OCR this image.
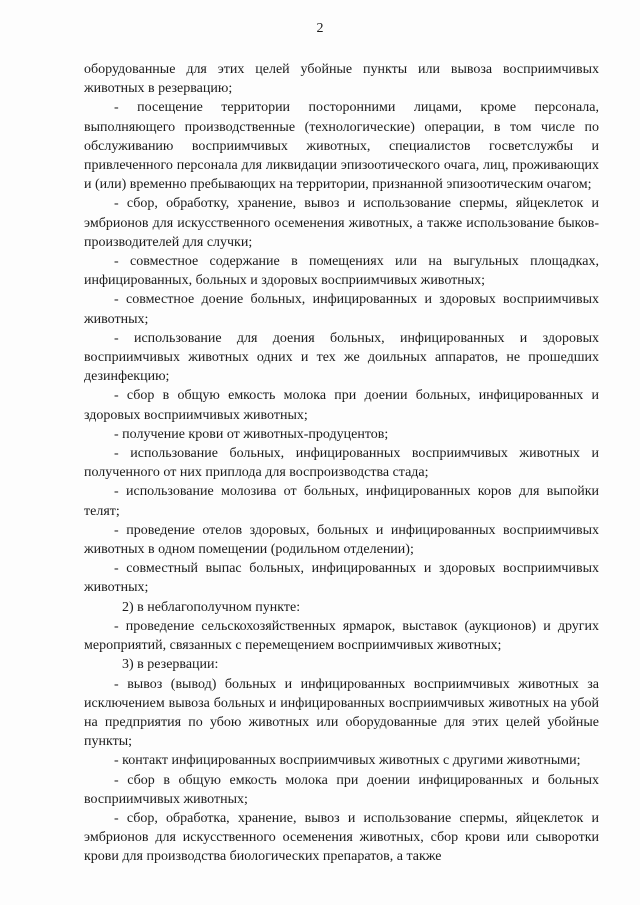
2

оборудованные для этих целей убойные пункты или вывоза восприимчивых животных в резервацию;

- посещение территории посторонними лицами, кроме персонала, выполняющего производственные (технологические) операции, в том числе по обслуживанию восприимчивых животных, специалистов госветслужбы и привлеченного персонала для ликвидации эпизоотического очага, лиц, проживающих и (или) временно пребывающих на территории, признанной эпизоотическим очагом;

- сбор, обработку, хранение, вывоз и использование спермы, яйцеклеток и эмбрионов для искусственного осеменения животных, а также использование быков-производителей для случки;

- совместное содержание в помещениях или на выгульных площадках, инфицированных, больных и здоровых восприимчивых животных;

- совместное доение больных, инфицированных и здоровых восприимчивых животных;

- использование для доения больных, инфицированных и здоровых восприимчивых животных одних и тех же доильных аппаратов, не прошедших дезинфекцию;

- сбор в общую емкость молока при доении больных, инфицированных и здоровых восприимчивых животных;

- получение крови от животных-продуцентов;

- использование больных, инфицированных восприимчивых животных и полученного от них приплода для воспроизводства стада;

- использование молозива от больных, инфицированных коров для выпойки телят;

- проведение отелов здоровых, больных и инфицированных восприимчивых животных в одном помещении (родильном отделении);

- совместный выпас больных, инфицированных и здоровых восприимчивых животных;

2) в неблагополучном пункте:

- проведение сельскохозяйственных ярмарок, выставок (аукционов) и других мероприятий, связанных с перемещением восприимчивых животных;

3) в резервации:

- вывоз (вывод) больных и инфицированных восприимчивых животных за исключением вывоза больных и инфицированных восприимчивых животных на убой на предприятия по убою животных или оборудованные для этих целей убойные пункты;

- контакт инфицированных восприимчивых животных с другими животными;

- сбор в общую емкость молока при доении инфицированных и больных восприимчивых животных;

- сбор, обработка, хранение, вывоз и использование спермы, яйцеклеток и эмбрионов для искусственного осеменения животных, сбор крови или сыворотки крови для производства биологических препаратов, а также
